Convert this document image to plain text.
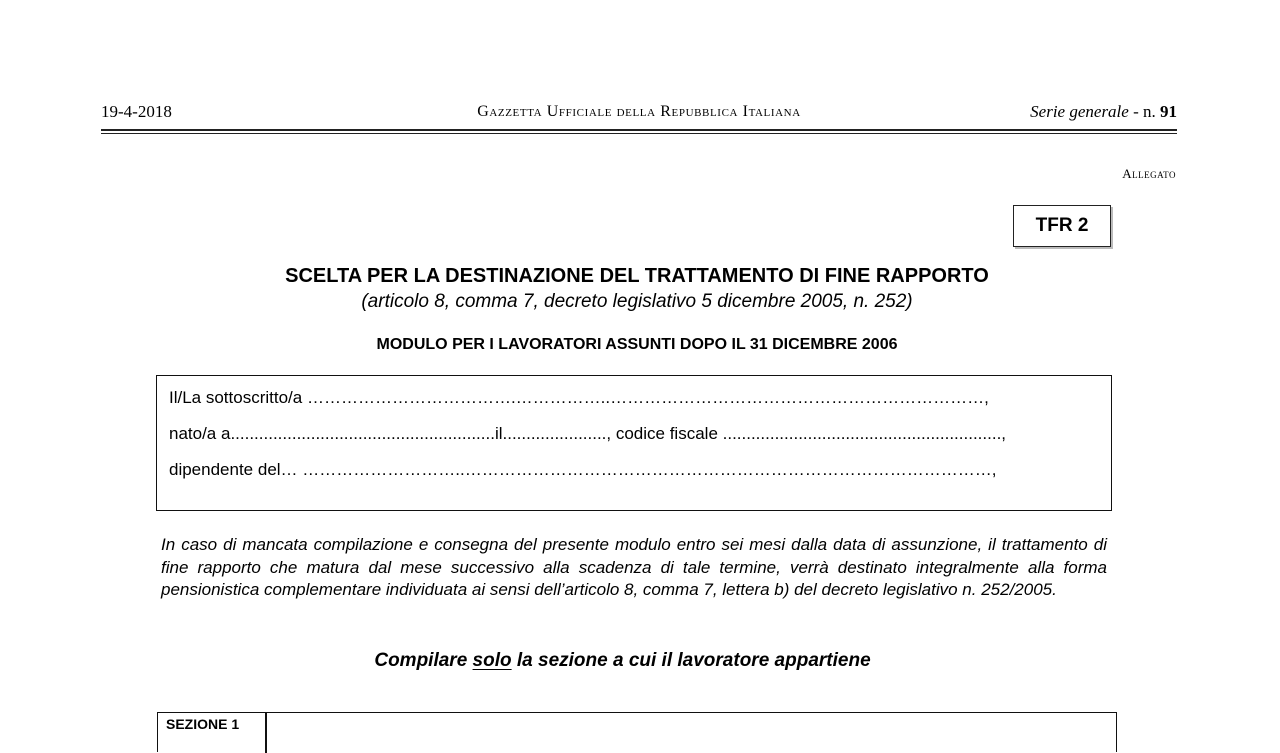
19-4-2018	Gazzetta Ufficiale della Repubblica Italiana	Serie generale - n. 91
Allegato
TFR 2
SCELTA PER LA DESTINAZIONE DEL TRATTAMENTO DI FINE RAPPORTO
(articolo 8, comma 7, decreto legislativo 5 dicembre 2005, n. 252)
MODULO PER I LAVORATORI ASSUNTI DOPO IL 31 DICEMBRE 2006
Il/La sottoscritto/a ……………………………….……………..…………………………………………………………,
nato/a a........................................................il......................, codice fiscale ...........................................................,
dipendente del… ………………………..…………………………………………………………………………………,
In caso di mancata compilazione e consegna del presente modulo entro sei mesi dalla data di assunzione, il trattamento di fine rapporto che matura dal mese successivo alla scadenza di tale termine, verrà destinato integralmente alla forma pensionistica complementare individuata ai sensi dell’articolo 8, comma 7, lettera b) del decreto legislativo n. 252/2005.
Compilare solo la sezione a cui il lavoratore appartiene
SEZIONE 1
